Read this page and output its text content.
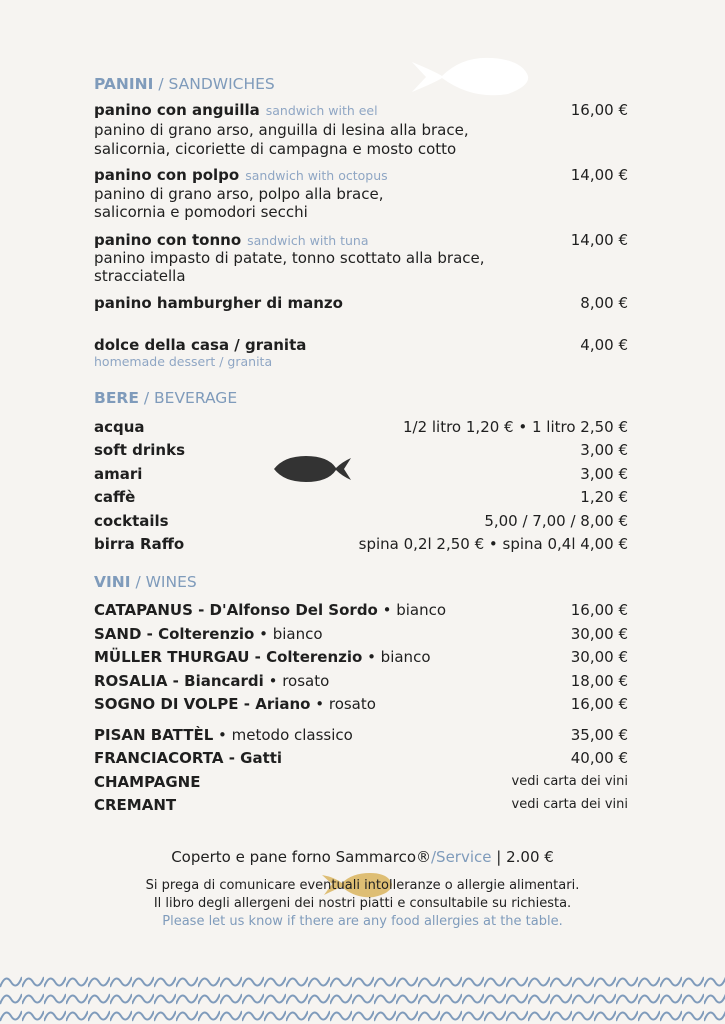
PANINI / SANDWICHES
panino con anguilla sandwich with eel	16,00 €
panino di grano arso, anguilla di lesina alla brace,
salicornia, cicoriette di campagna e mosto cotto
panino con polpo sandwich with octopus	14,00 €
panino di grano arso, polpo alla brace,
salicornia e pomodori secchi
panino con tonno sandwich with tuna	14,00 €
panino impasto di patate, tonno scottato alla brace,
stracciatella
panino hamburgher di manzo	8,00 €
dolce della casa / granita	4,00 €
homemade dessert / granita
BERE / BEVERAGE
acqua	1/2 litro 1,20 € • 1 litro 2,50 €
soft drinks	3,00 €
amari	3,00 €
caffè	1,20 €
cocktails	5,00 / 7,00 / 8,00 €
birra Raffo	spina 0,2l 2,50 € • spina 0,4l 4,00 €
VINI / WINES
CATAPANUS - D'Alfonso Del Sordo • bianco	16,00 €
SAND - Colterenzio • bianco	30,00 €
MÜLLER THURGAU - Colterenzio • bianco	30,00 €
ROSALIA - Biancardi • rosato	18,00 €
SOGNO DI VOLPE - Ariano • rosato	16,00 €
PISAN BATTÈL • metodo classico	35,00 €
FRANCIACORTA - Gatti	40,00 €
CHAMPAGNE	vedi carta dei vini
CREMANT	vedi carta dei vini
Coperto e pane forno Sammarco®/Service | 2.00 €
Si prega di comunicare eventuali intolleranze o allergie alimentari.
Il libro degli allergeni dei nostri piatti e consultabile su richiesta.
Please let us know if there are any food allergies at the table.
